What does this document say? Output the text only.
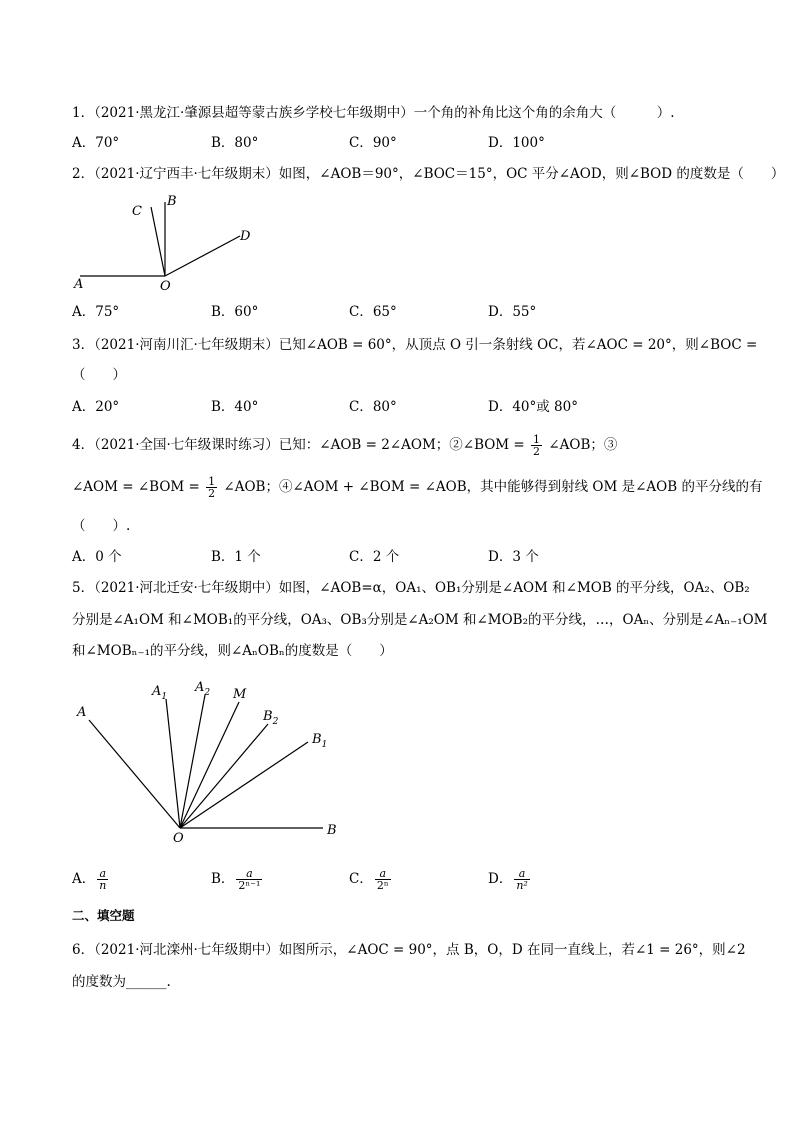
1．（2021·黑龙江·肇源县超等蒙古族乡学校七年级期中）一个角的补角比这个角的余角大（　　　）.
A．70°	B．80°	C．90°	D．100°
2．（2021·辽宁西丰·七年级期末）如图，∠AOB＝90°，∠BOC＝15°，OC 平分∠AOD，则∠BOD 的度数是（　　）
A
B
C
D
O
A．75°	B．60°	C．65°	D．55°
3．（2021·河南川汇·七年级期末）已知∠AOB = 60°，从顶点 O 引一条射线 OC，若∠AOC = 20°，则∠BOC =
（　　）
A．20°	B．40°	C．80°	D．40°或 80°
4．（2021·全国·七年级课时练习）已知：∠AOB = 2∠AOM；②∠BOM = $\frac{1}{2}$ ∠AOB；③
∠AOM = ∠BOM = $\frac{1}{2}$ ∠AOB；④∠AOM + ∠BOM = ∠AOB，其中能够得到射线 OM 是∠AOB 的平分线的有
（　　）.
A．0 个	B．1 个	C．2 个	D．3 个
5．（2021·河北迁安·七年级期中）如图，∠AOB=α，OA₁、OB₁分别是∠AOM 和∠MOB 的平分线，OA₂、OB₂
分别是∠A₁OM 和∠MOB₁的平分线，OA₃、OB₃分别是∠A₂OM 和∠MOB₂的平分线，…，OAₙ、分别是∠Aₙ₋₁OM
和∠MOBₙ₋₁的平分线，则∠AₙOBₙ的度数是（　　）
A
$A_1$
$A_2$ M
$B_2$
$B_1$
B
O
A． $\frac{a}{n}$	B． $\frac{a}{\text{2ⁿ⁻¹}}$	C． $\frac{a}{\text{2ⁿ}}$	D． $\frac{a}{\text{n²}}$
二、填空题
6．（2021·河北滦州·七年级期中）如图所示，∠AOC = 90°，点 B，O，D 在同一直线上，若∠1 = 26°，则∠2
的度数为______.
